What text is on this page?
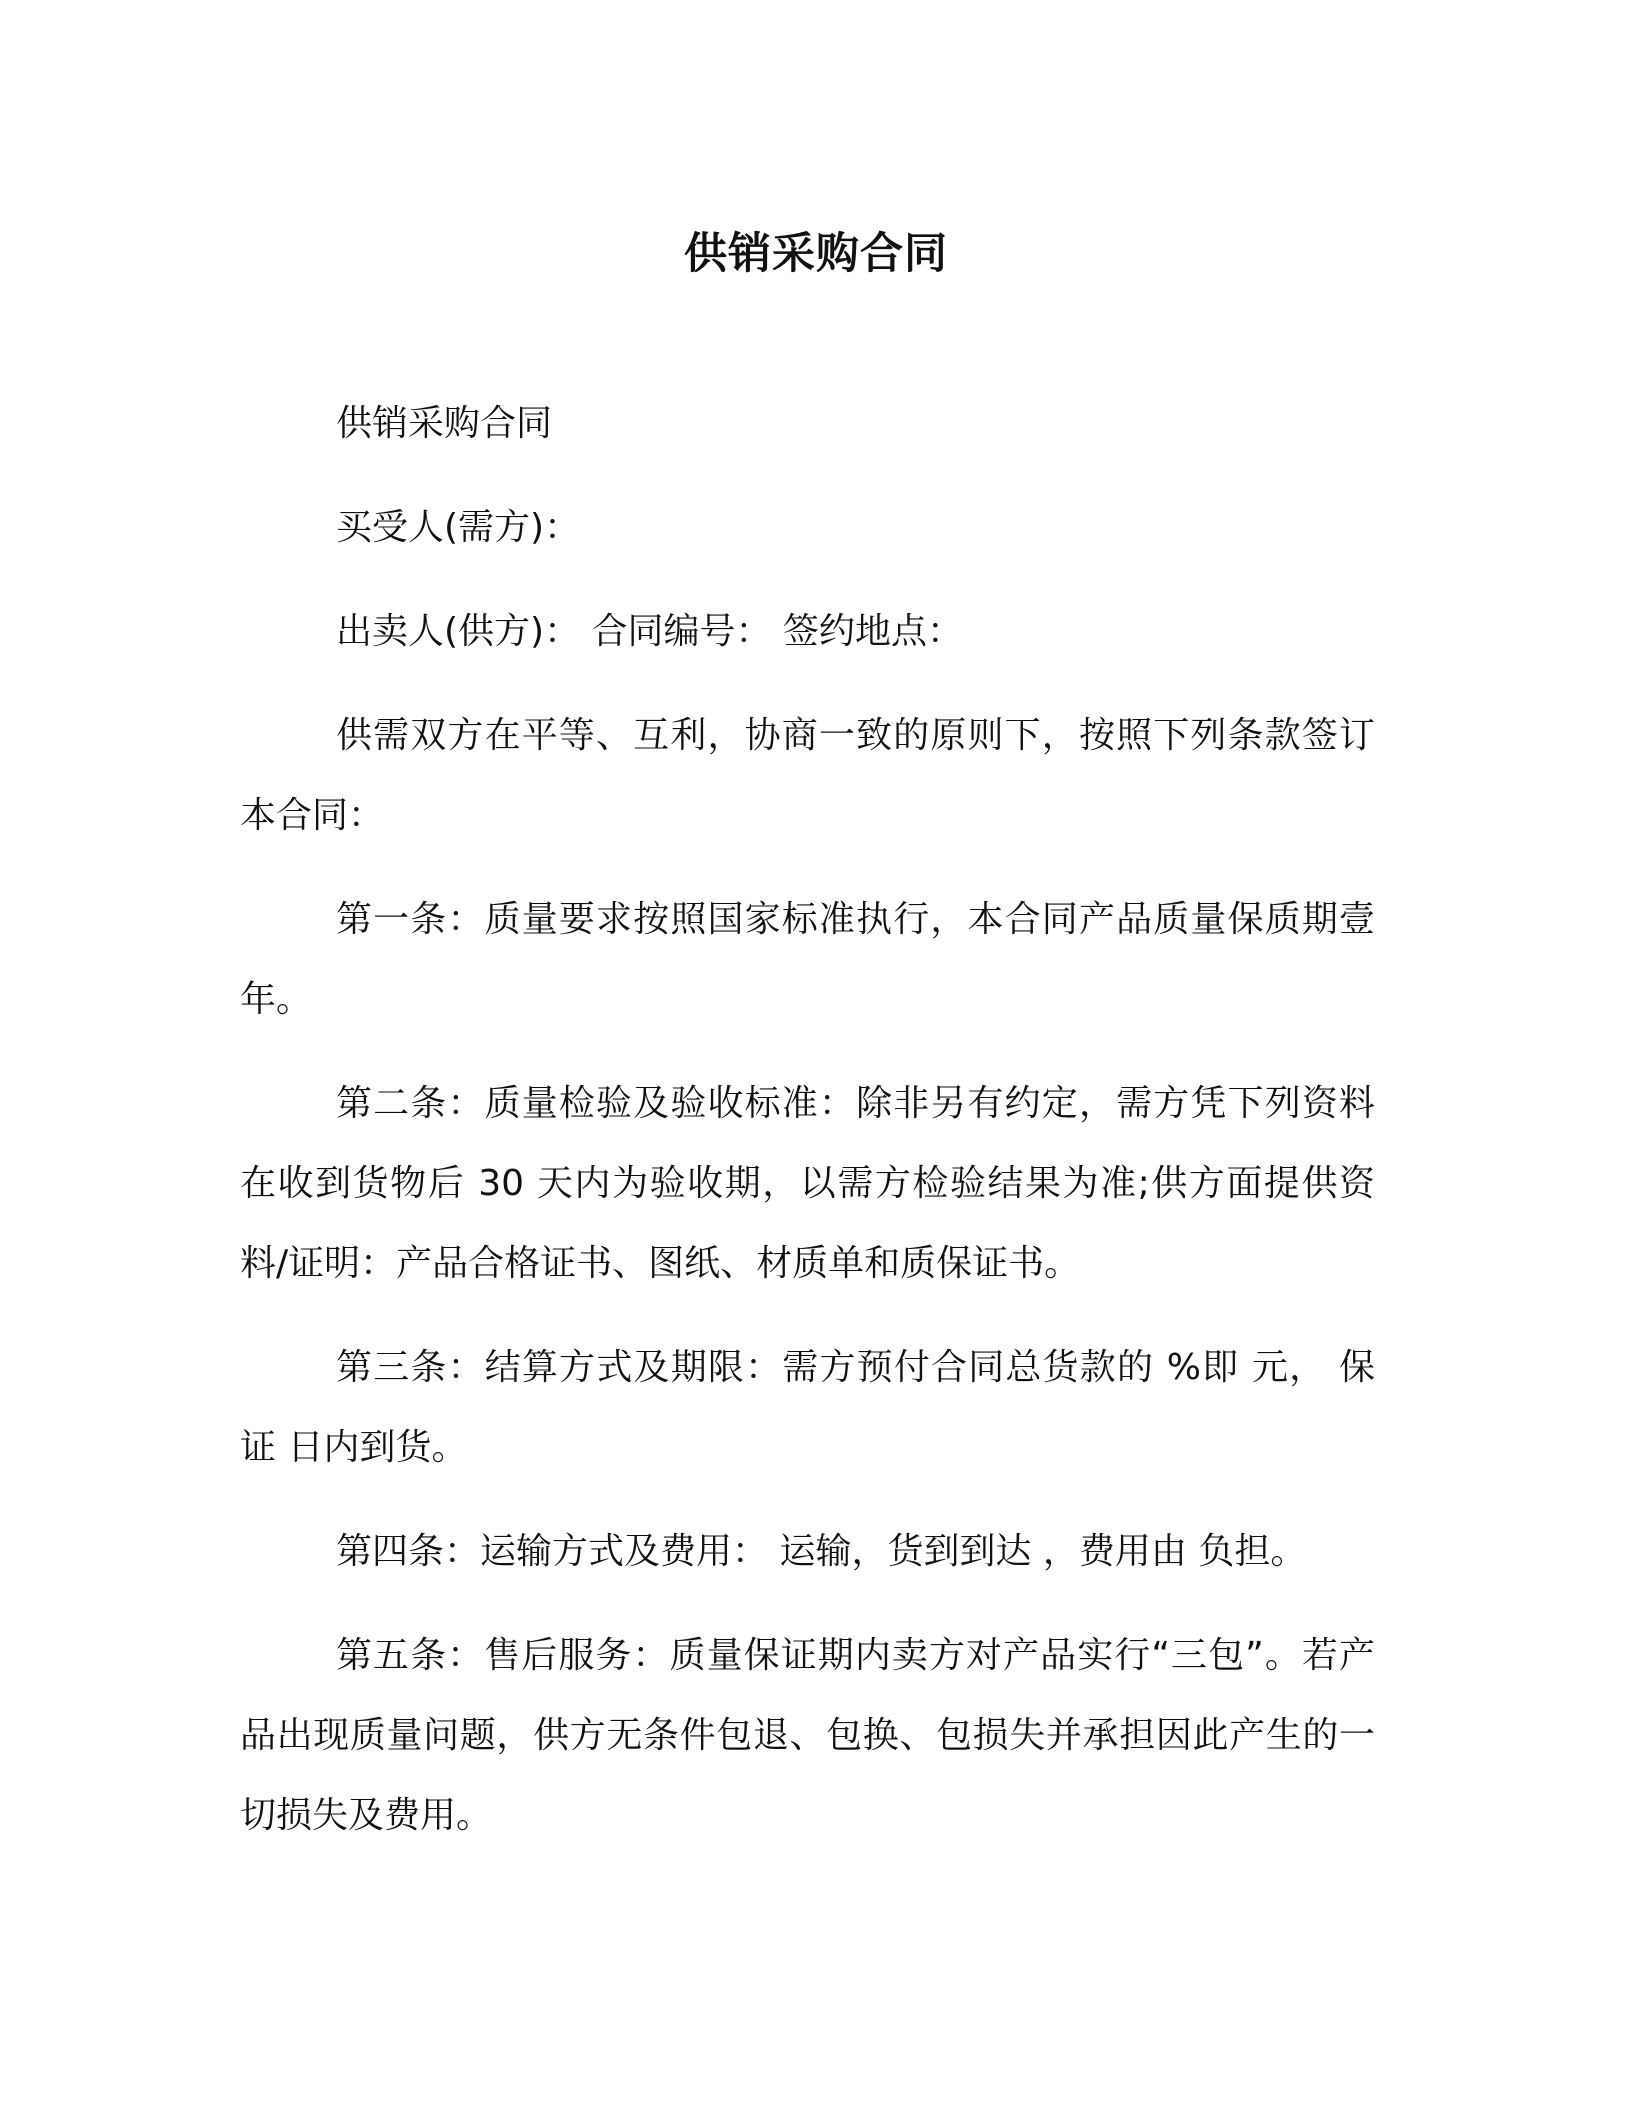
供销采购合同

供销采购合同

买受人(需方)：

出卖人(供方)： 合同编号： 签约地点：

供需双方在平等、互利，协商一致的原则下，按照下列条款签订本合同：

第一条：质量要求按照国家标准执行，本合同产品质量保质期壹年。

第二条：质量检验及验收标准：除非另有约定，需方凭下列资料在收到货物后 30 天内为验收期，以需方检验结果为准;供方面提供资料/证明：产品合格证书、图纸、材质单和质保证书。

第三条：结算方式及期限：需方预付合同总货款的 %即 元， 保证 日内到货。

第四条：运输方式及费用： 运输，货到到达 ，费用由 负担。

第五条：售后服务：质量保证期内卖方对产品实行“三包”。若产品出现质量问题，供方无条件包退、包换、包损失并承担因此产生的一切损失及费用。
